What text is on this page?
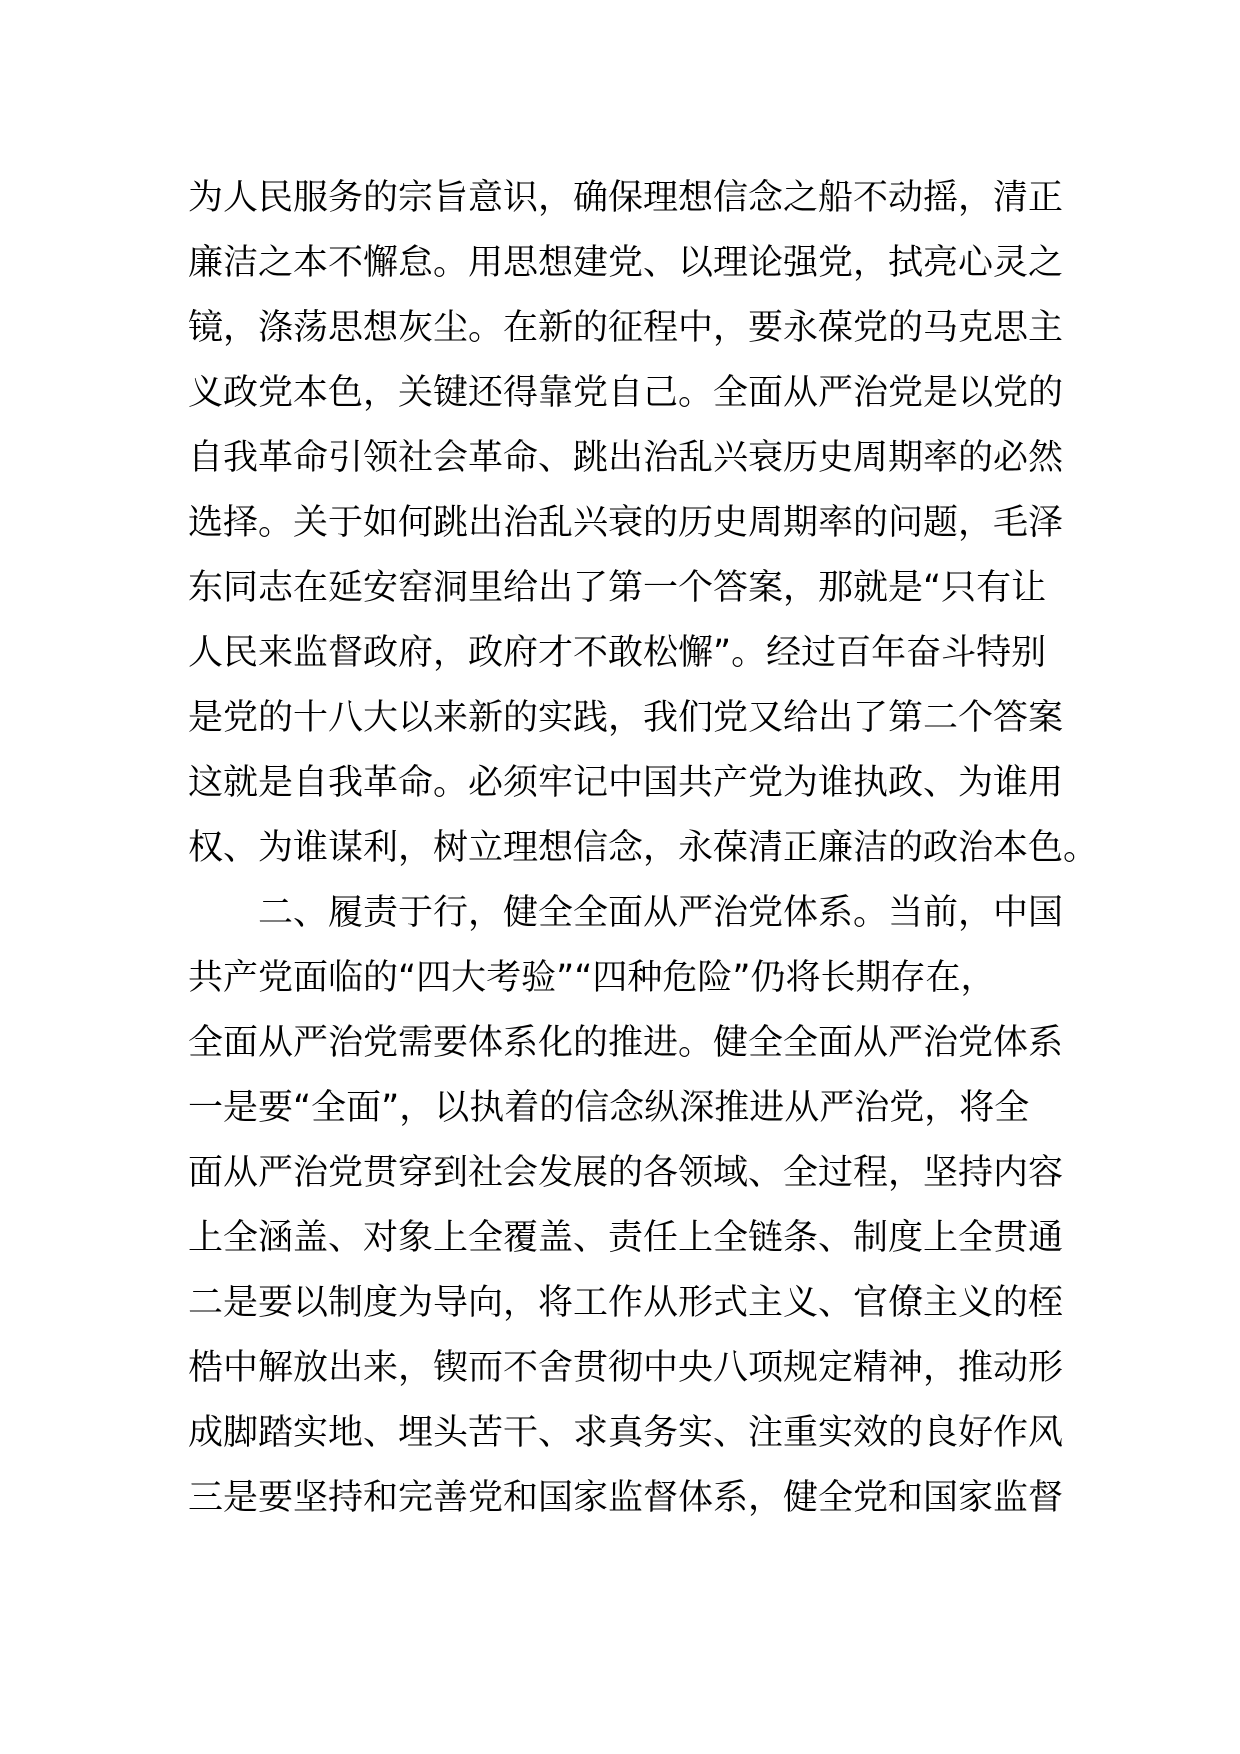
为人民服务的宗旨意识，确保理想信念之船不动摇，清正
廉洁之本不懈怠。用思想建党、以理论强党，拭亮心灵之
镜，涤荡思想灰尘。在新的征程中，要永葆党的马克思主
义政党本色，关键还得靠党自己。全面从严治党是以党的
自我革命引领社会革命、跳出治乱兴衰历史周期率的必然
选择。关于如何跳出治乱兴衰的历史周期率的问题，毛泽
东同志在延安窑洞里给出了第一个答案，那就是“只有让
人民来监督政府，政府才不敢松懈”。经过百年奋斗特别
是党的十八大以来新的实践，我们党又给出了第二个答案
这就是自我革命。必须牢记中国共产党为谁执政、为谁用
权、为谁谋利，树立理想信念，永葆清正廉洁的政治本色。
　　二、履责于行，健全全面从严治党体系。当前，中国
共产党面临的“四大考验”“四种危险”仍将长期存在，
全面从严治党需要体系化的推进。健全全面从严治党体系
一是要“全面”，以执着的信念纵深推进从严治党，将全
面从严治党贯穿到社会发展的各领域、全过程，坚持内容
上全涵盖、对象上全覆盖、责任上全链条、制度上全贯通
二是要以制度为导向，将工作从形式主义、官僚主义的桎
梏中解放出来，锲而不舍贯彻中央八项规定精神，推动形
成脚踏实地、埋头苦干、求真务实、注重实效的良好作风
三是要坚持和完善党和国家监督体系，健全党和国家监督
